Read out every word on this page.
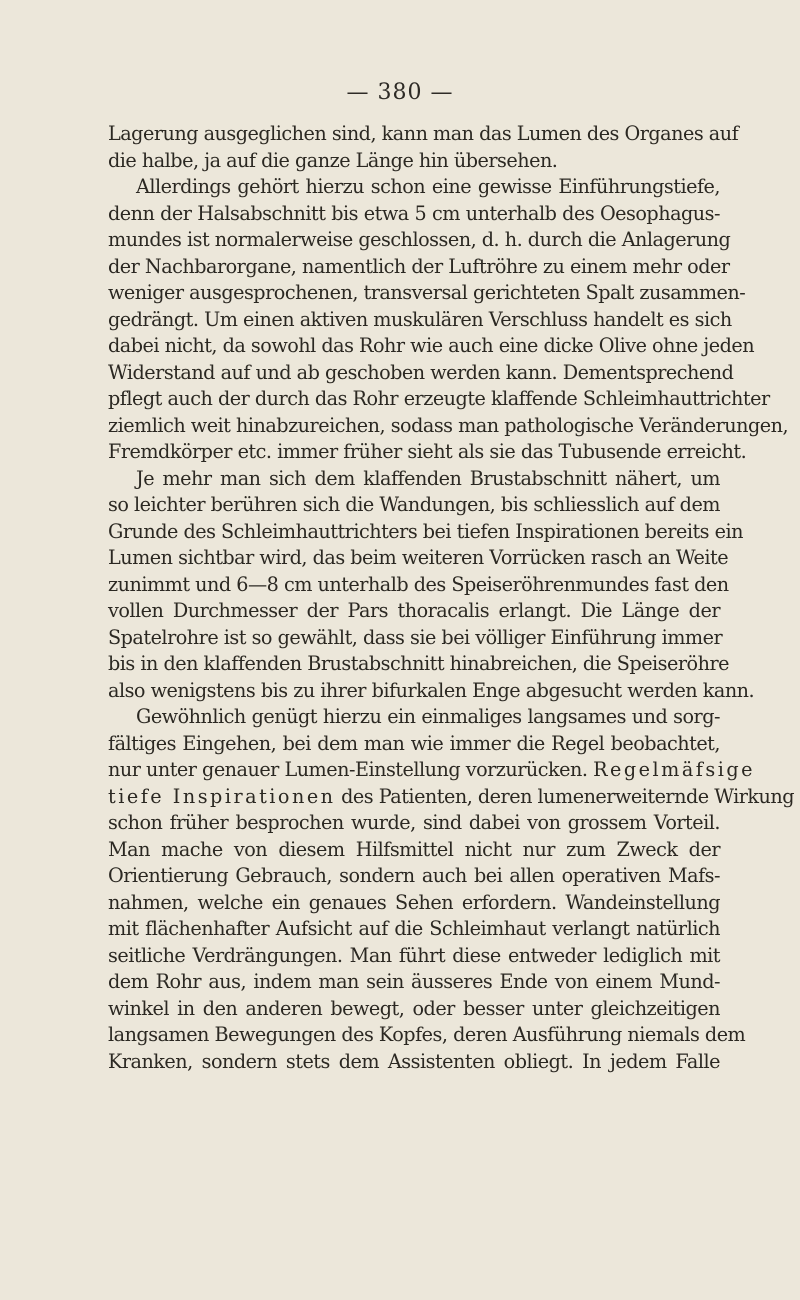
— 380 —
Lagerung ausgeglichen sind, kann man das Lumen des Organes auf
die halbe, ja auf die ganze Länge hin übersehen.
Allerdings gehört hierzu schon eine gewisse Einführungstiefe,
denn der Halsabschnitt bis etwa 5 cm unterhalb des Oesophagus-
mundes ist normalerweise geschlossen, d. h. durch die Anlagerung
der Nachbarorgane, namentlich der Luftröhre zu einem mehr oder
weniger ausgesprochenen, transversal gerichteten Spalt zusammen-
gedrängt. Um einen aktiven muskulären Verschluss handelt es sich
dabei nicht, da sowohl das Rohr wie auch eine dicke Olive ohne jeden
Widerstand auf und ab geschoben werden kann. Dementsprechend
pflegt auch der durch das Rohr erzeugte klaffende Schleimhauttrichter
ziemlich weit hinabzureichen, sodass man pathologische Veränderungen,
Fremdkörper etc. immer früher sieht als sie das Tubusende erreicht.
Je mehr man sich dem klaffenden Brustabschnitt nähert, um
so leichter berühren sich die Wandungen, bis schliesslich auf dem
Grunde des Schleimhauttrichters bei tiefen Inspirationen bereits ein
Lumen sichtbar wird, das beim weiteren Vorrücken rasch an Weite
zunimmt und 6—8 cm unterhalb des Speiseröhrenmundes fast den
vollen Durchmesser der Pars thoracalis erlangt. Die Länge der
Spatelrohre ist so gewählt, dass sie bei völliger Einführung immer
bis in den klaffenden Brustabschnitt hinabreichen, die Speiseröhre
also wenigstens bis zu ihrer bifurkalen Enge abgesucht werden kann.
Gewöhnlich genügt hierzu ein einmaliges langsames und sorg-
fältiges Eingehen, bei dem man wie immer die Regel beobachtet,
nur unter genauer Lumen-Einstellung vorzurücken. Regelmäfsige
tiefe Inspirationen des Patienten, deren lumenerweiternde Wirkung
schon früher besprochen wurde, sind dabei von grossem Vorteil.
Man mache von diesem Hilfsmittel nicht nur zum Zweck der
Orientierung Gebrauch, sondern auch bei allen operativen Mafs-
nahmen, welche ein genaues Sehen erfordern. Wandeinstellung
mit flächenhafter Aufsicht auf die Schleimhaut verlangt natürlich
seitliche Verdrängungen. Man führt diese entweder lediglich mit
dem Rohr aus, indem man sein äusseres Ende von einem Mund-
winkel in den anderen bewegt, oder besser unter gleichzeitigen
langsamen Bewegungen des Kopfes, deren Ausführung niemals dem
Kranken, sondern stets dem Assistenten obliegt. In jedem Falle
